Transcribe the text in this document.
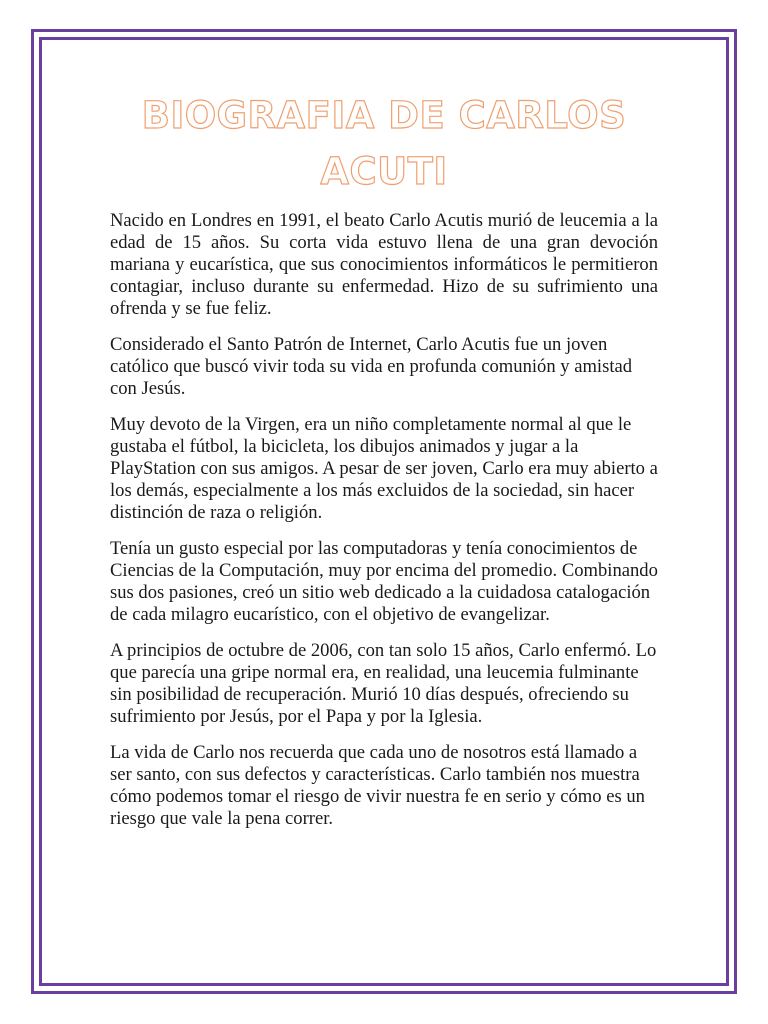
BIOGRAFIA DE CARLOS ACUTI

Nacido en Londres en 1991, el beato Carlo Acutis murió de leucemia a la edad de 15 años. Su corta vida estuvo llena de una gran devoción mariana y eucarística, que sus conocimientos informáticos le permitieron contagiar, incluso durante su enfermedad. Hizo de su sufrimiento una ofrenda y se fue feliz.

Considerado el Santo Patrón de Internet, Carlo Acutis fue un joven católico que buscó vivir toda su vida en profunda comunión y amistad con Jesús.

Muy devoto de la Virgen, era un niño completamente normal al que le gustaba el fútbol, la bicicleta, los dibujos animados y jugar a la PlayStation con sus amigos. A pesar de ser joven, Carlo era muy abierto a los demás, especialmente a los más excluidos de la sociedad, sin hacer distinción de raza o religión.

Tenía un gusto especial por las computadoras y tenía conocimientos de Ciencias de la Computación, muy por encima del promedio. Combinando sus dos pasiones, creó un sitio web dedicado a la cuidadosa catalogación de cada milagro eucarístico, con el objetivo de evangelizar.

A principios de octubre de 2006, con tan solo 15 años, Carlo enfermó. Lo que parecía una gripe normal era, en realidad, una leucemia fulminante sin posibilidad de recuperación. Murió 10 días después, ofreciendo su sufrimiento por Jesús, por el Papa y por la Iglesia.

La vida de Carlo nos recuerda que cada uno de nosotros está llamado a ser santo, con sus defectos y características. Carlo también nos muestra cómo podemos tomar el riesgo de vivir nuestra fe en serio y cómo es un riesgo que vale la pena correr.
